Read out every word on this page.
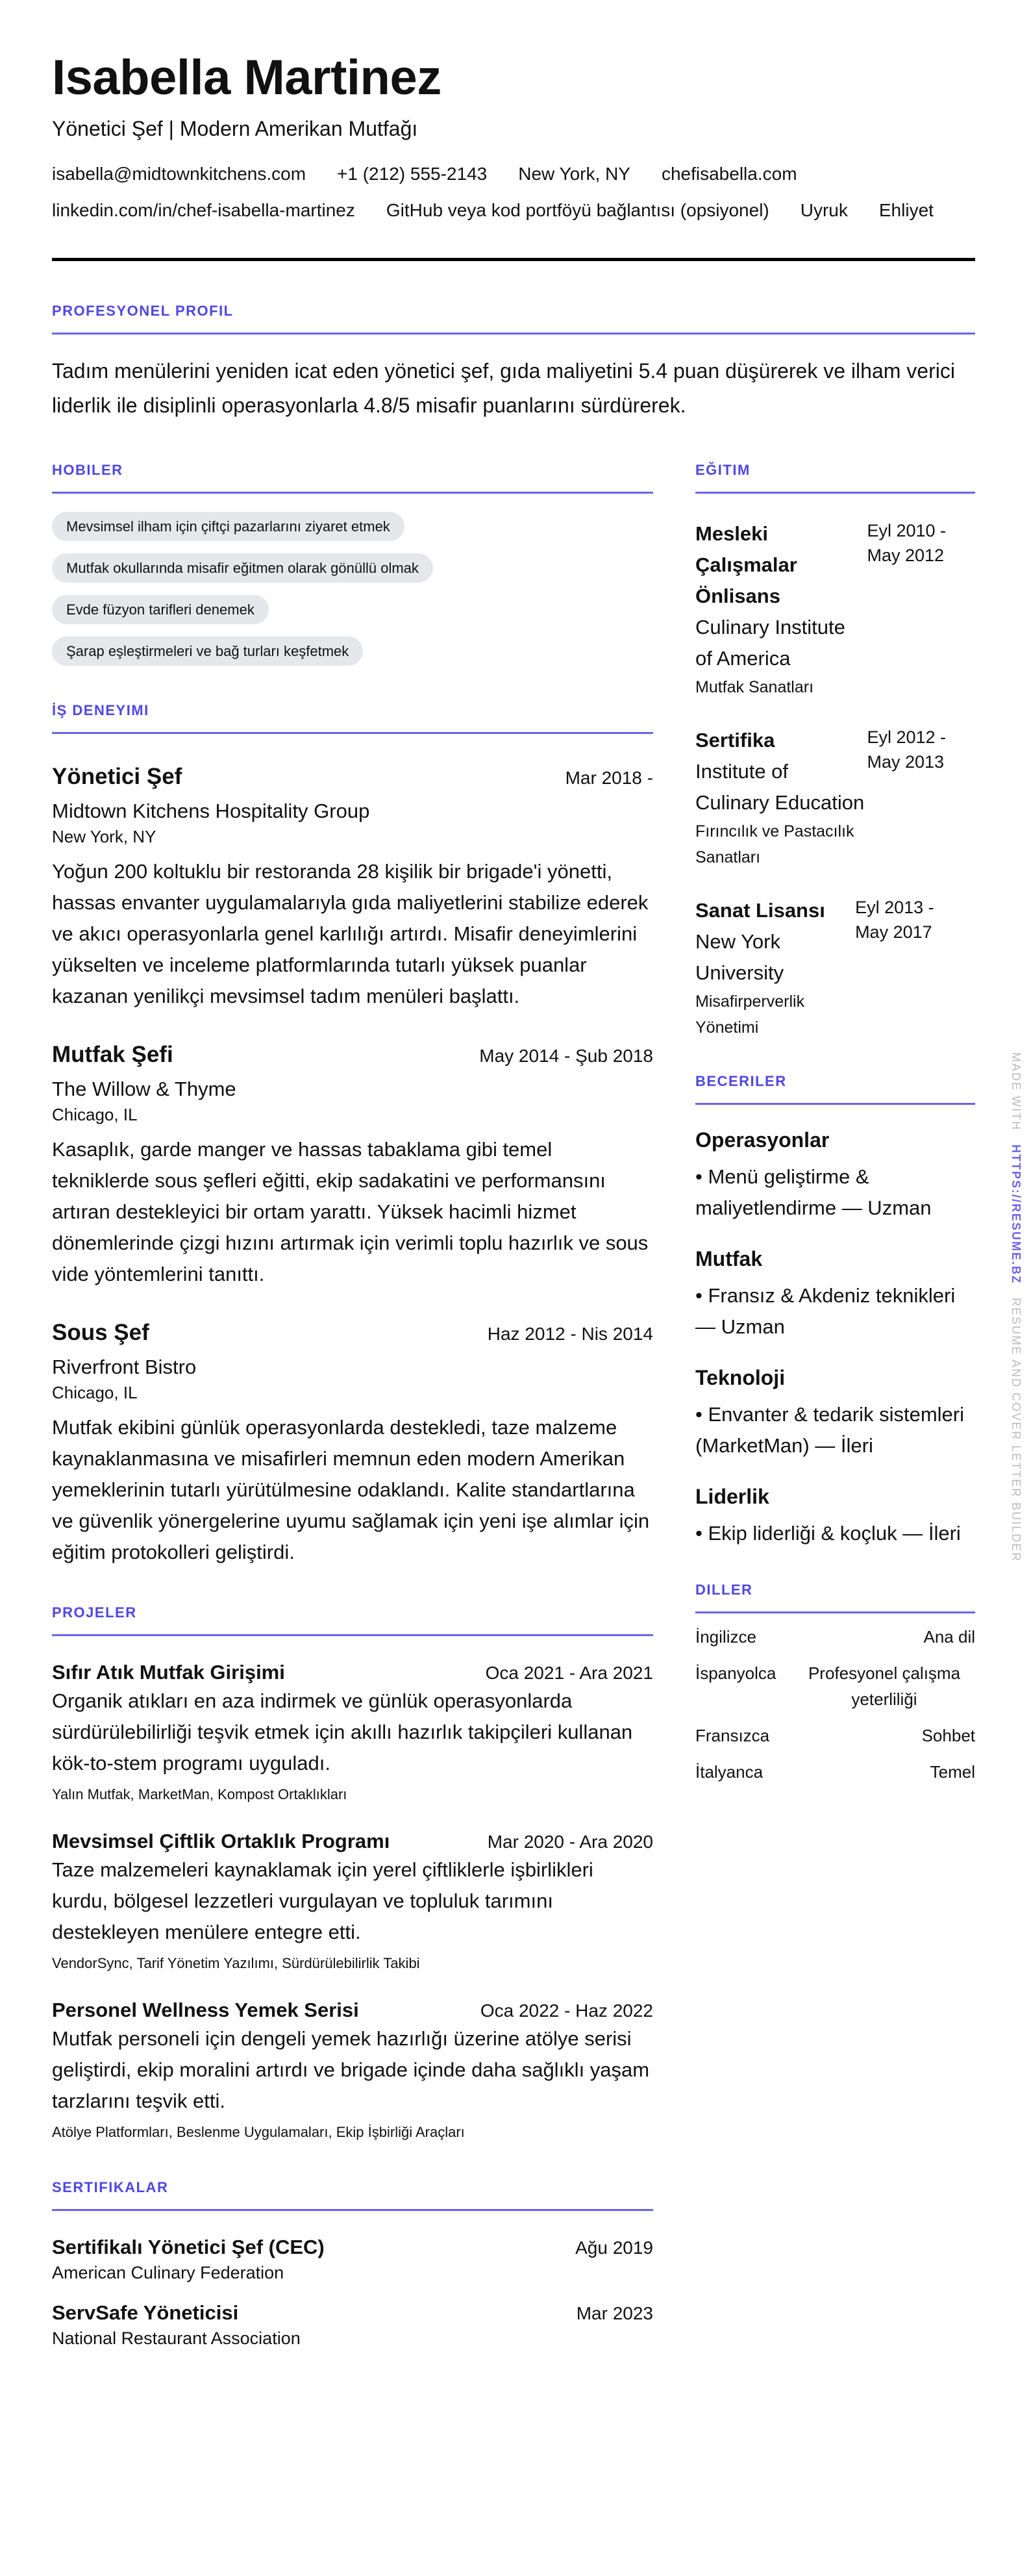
Isabella Martinez
Yönetici Şef | Modern Amerikan Mutfağı
isabella@midtownkitchens.com +1 (212) 555-2143 New York, NY chefisabella.com
linkedin.com/in/chef-isabella-martinez GitHub veya kod portföyü bağlantısı (opsiyonel) Uyruk Ehliyet
PROFESYONEL PROFIL

Tadım menülerini yeniden icat eden yönetici şef, gıda maliyetini 5.4 puan düşürerek ve ilham verici liderlik ile disiplinli operasyonlarla 4.8/5 misafir puanlarını sürdürerek.

HOBILER
Mevsimsel ilham için çiftçi pazarlarını ziyaret etmek
Mutfak okullarında misafir eğitmen olarak gönüllü olmak
Evde füzyon tarifleri denemek
Şarap eşleştirmeleri ve bağ turları keşfetmek
İŞ DENEYIMI
Yönetici Şef	Mar 2018 -
Midtown Kitchens Hospitality Group
New York, NY

Yoğun 200 koltuklu bir restoranda 28 kişilik bir brigade'i yönetti, hassas envanter uygulamalarıyla gıda maliyetlerini stabilize ederek ve akıcı operasyonlarla genel karlılığı artırdı. Misafir deneyimlerini yükselten ve inceleme platformlarında tutarlı yüksek puanlar kazanan yenilikçi mevsimsel tadım menüleri başlattı.

Mutfak Şefi	May 2014 - Şub 2018
The Willow & Thyme
Chicago, IL

Kasaplık, garde manger ve hassas tabaklama gibi temel tekniklerde sous şefleri eğitti, ekip sadakatini ve performansını artıran destekleyici bir ortam yarattı. Yüksek hacimli hizmet dönemlerinde çizgi hızını artırmak için verimli toplu hazırlık ve sous vide yöntemlerini tanıttı.

Sous Şef	Haz 2012 - Nis 2014
Riverfront Bistro
Chicago, IL

Mutfak ekibini günlük operasyonlarda destekledi, taze malzeme kaynaklanmasına ve misafirleri memnun eden modern Amerikan yemeklerinin tutarlı yürütülmesine odaklandı. Kalite standartlarına ve güvenlik yönergelerine uyumu sağlamak için yeni işe alımlar için eğitim protokolleri geliştirdi.

PROJELER
Sıfır Atık Mutfak Girişimi	Oca 2021 - Ara 2021

Organik atıkları en aza indirmek ve günlük operasyonlarda sürdürülebilirliği teşvik etmek için akıllı hazırlık takipçileri kullanan kök-to-stem programı uyguladı.

Yalın Mutfak, MarketMan, Kompost Ortaklıkları
Mevsimsel Çiftlik Ortaklık Programı	Mar 2020 - Ara 2020

Taze malzemeleri kaynaklamak için yerel çiftliklerle işbirlikleri kurdu, bölgesel lezzetleri vurgulayan ve topluluk tarımını destekleyen menülere entegre etti.

VendorSync, Tarif Yönetim Yazılımı, Sürdürülebilirlik Takibi
Personel Wellness Yemek Serisi	Oca 2022 - Haz 2022

Mutfak personeli için dengeli yemek hazırlığı üzerine atölye serisi geliştirdi, ekip moralini artırdı ve brigade içinde daha sağlıklı yaşam tarzlarını teşvik etti.

Atölye Platformları, Beslenme Uygulamaları, Ekip İşbirliği Araçları
SERTIFIKALAR
Sertifikalı Yönetici Şef (CEC)	Ağu 2019
American Culinary Federation
ServSafe Yöneticisi	Mar 2023
National Restaurant Association
EĞITIM
Mesleki Çalışmalar Önlisans
Culinary Institute of America
Mutfak Sanatları
Eyl 2010 - May 2012
Sertifika
Institute of Culinary Education
Fırıncılık ve Pastacılık Sanatları
Eyl 2012 - May 2013
Sanat Lisansı
New York University
Misafirperverlik Yönetimi
Eyl 2013 - May 2017
BECERILER
Operasyonlar
• Menü geliştirme & maliyetlendirme — Uzman
Mutfak
• Fransız & Akdeniz teknikleri — Uzman
Teknoloji
• Envanter & tedarik sistemleri (MarketMan) — İleri
Liderlik
• Ekip liderliği & koçluk — İleri
DILLER
İngilizce	Ana dil
İspanyolca	Profesyonel çalışma yeterliliği
Fransızca	Sohbet
İtalyanca	Temel
MADE WITH   HTTPS://RESUME.BZ   RESUME AND COVER LETTER BUILDER
